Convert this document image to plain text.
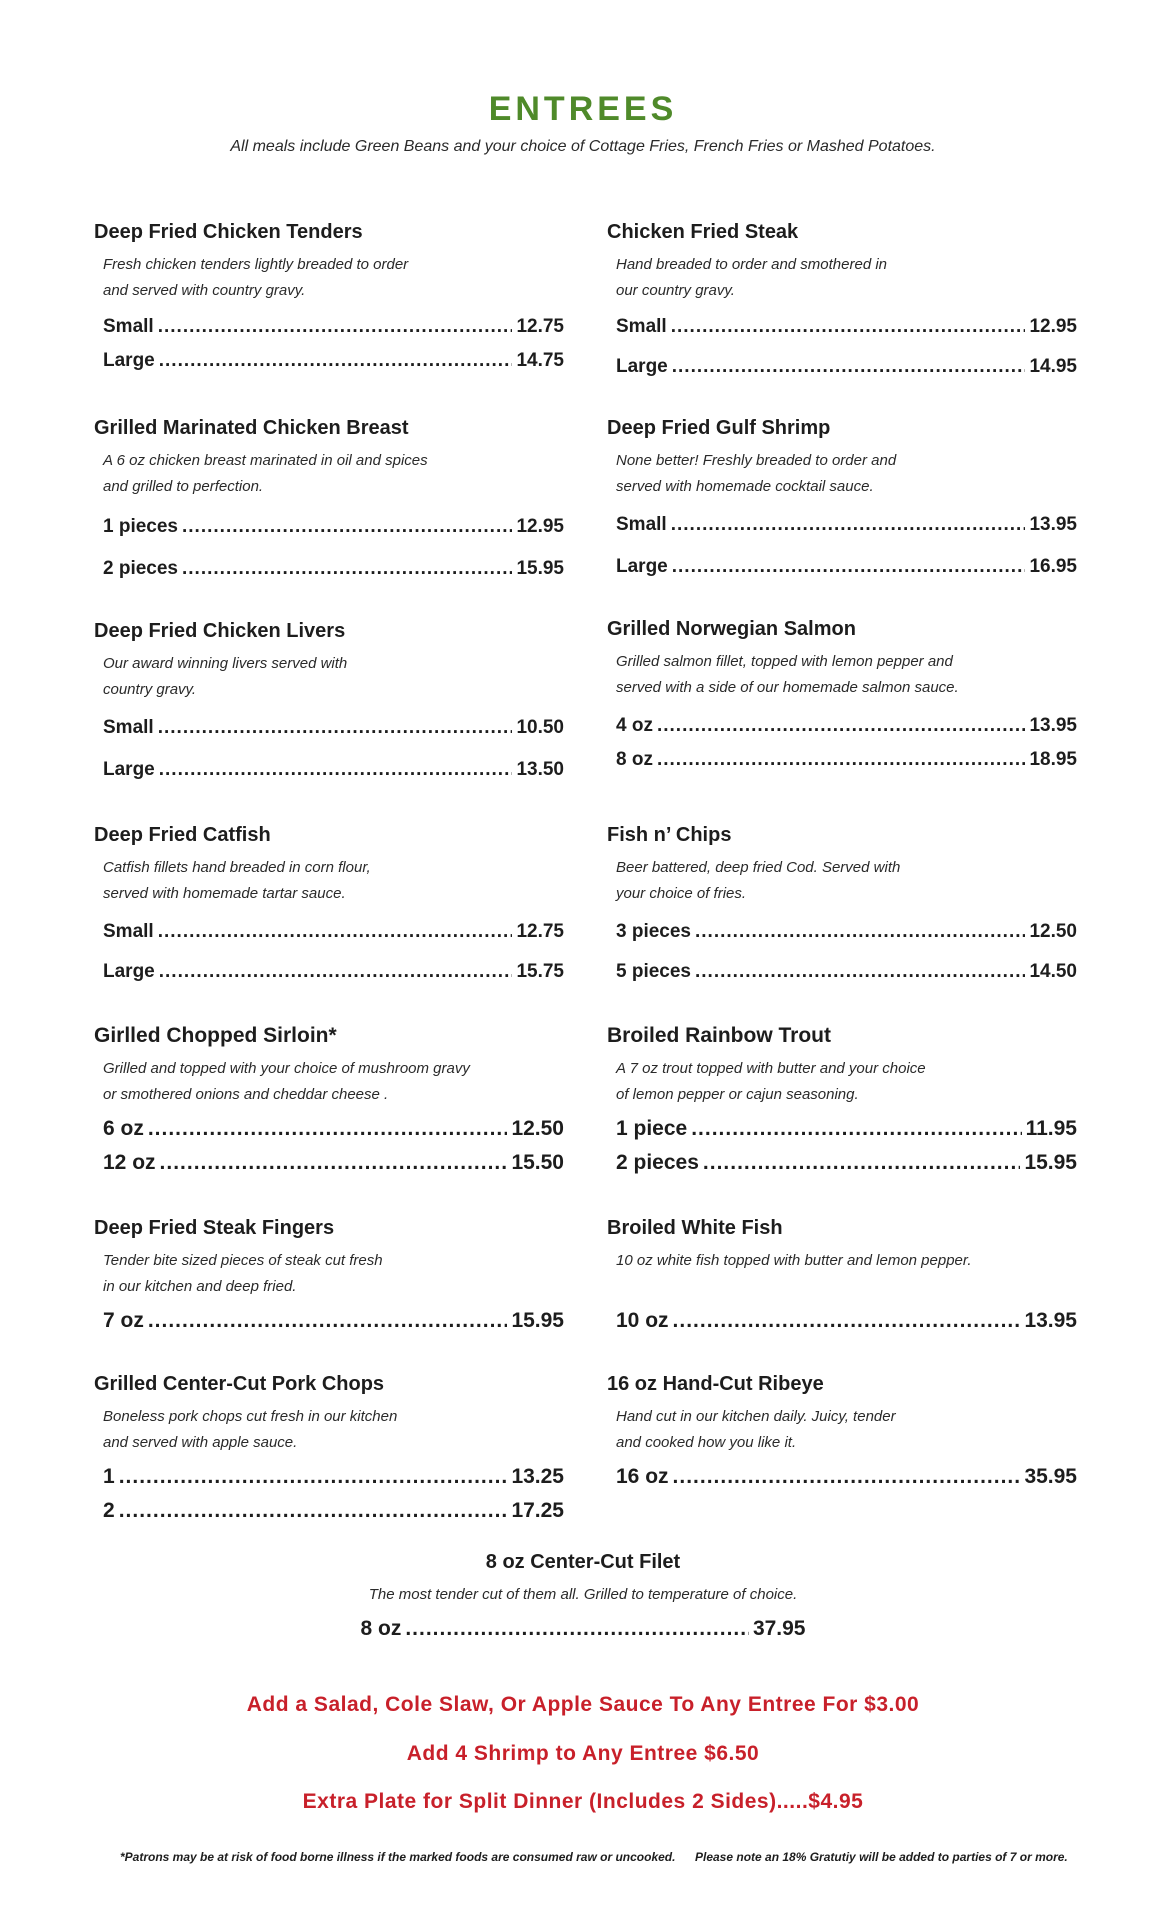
ENTREES
All meals include Green Beans and your choice of Cottage Fries, French Fries or Mashed Potatoes.
Deep Fried Chicken Tenders
Fresh chicken tenders lightly breaded to order
and served with country gravy.
Small .....	12.75
Large .....	14.75
Grilled Marinated Chicken Breast
A 6 oz chicken breast marinated in oil and spices
and grilled to perfection.
1 pieces .....	12.95
2 pieces .....	15.95
Deep Fried Chicken Livers
Our award winning livers served with
country gravy.
Small .....	10.50
Large .....	13.50
Deep Fried Catfish
Catfish fillets hand breaded in corn flour,
served with homemade tartar sauce.
Small .....	12.75
Large .....	15.75
Girlled Chopped Sirloin*
Grilled and topped with your choice of mushroom gravy
or smothered onions and cheddar cheese .
6 oz .....	12.50
12 oz .....	15.50
Deep Fried Steak Fingers
Tender bite sized pieces of steak cut fresh
in our kitchen and deep fried.
7 oz .....	15.95
Grilled Center-Cut Pork Chops
Boneless pork chops cut fresh in our kitchen
and served with apple sauce.
1 .....	13.25
2 .....	17.25
Chicken Fried Steak
Hand breaded to order and smothered in
our country gravy.
Small .....	12.95
Large .....	14.95
Deep Fried Gulf Shrimp
None better! Freshly breaded to order and
served with homemade cocktail sauce.
Small .....	13.95
Large .....	16.95
Grilled Norwegian Salmon
Grilled salmon fillet, topped with lemon pepper and
served with a side of our homemade salmon sauce.
4 oz .....	13.95
8 oz .....	18.95
Fish n’ Chips
Beer battered, deep fried Cod. Served with
your choice of fries.
3 pieces .....	12.50
5 pieces .....	14.50
Broiled Rainbow Trout
A 7 oz trout topped with butter and your choice
of lemon pepper or cajun seasoning.
1 piece .....	11.95
2 pieces .....	15.95
Broiled White Fish
10 oz white fish topped with butter and lemon pepper.
10 oz .....	13.95
16 oz Hand-Cut Ribeye
Hand cut in our kitchen daily. Juicy, tender
and cooked how you like it.
16 oz .....	35.95
8 oz Center-Cut Filet
The most tender cut of them all. Grilled to temperature of choice.
8 oz .....	37.95
Add a Salad, Cole Slaw, Or Apple Sauce To Any Entree For $3.00
Add 4 Shrimp to Any Entree $6.50
Extra Plate for Split Dinner (Includes 2 Sides).....$4.95
*Patrons may be at risk of food borne illness if the marked foods are consumed raw or uncooked. Please note an 18% Gratutiy will be added to parties of 7 or more.
